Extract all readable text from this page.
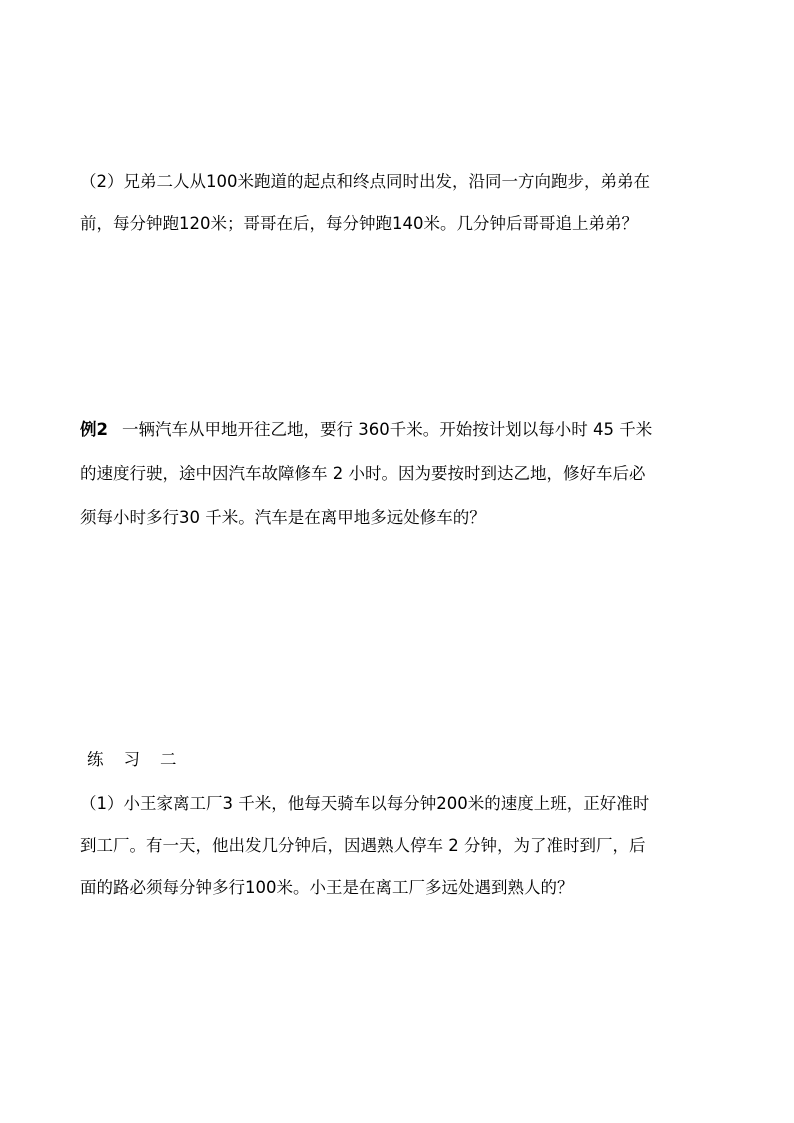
（2）兄弟二人从100米跑道的起点和终点同时出发，沿同一方向跑步，弟弟在
前，每分钟跑120米；哥哥在后，每分钟跑140米。几分钟后哥哥追上弟弟？
例2 一辆汽车从甲地开往乙地，要行 360千米。开始按计划以每小时 45 千米
的速度行驶，途中因汽车故障修车 2 小时。因为要按时到达乙地，修好车后必
须每小时多行30 千米。汽车是在离甲地多远处修车的？
练习二
（1）小王家离工厂3 千米，他每天骑车以每分钟200米的速度上班，正好准时
到工厂。有一天，他出发几分钟后，因遇熟人停车 2 分钟，为了准时到厂，后
面的路必须每分钟多行100米。小王是在离工厂多远处遇到熟人的？
